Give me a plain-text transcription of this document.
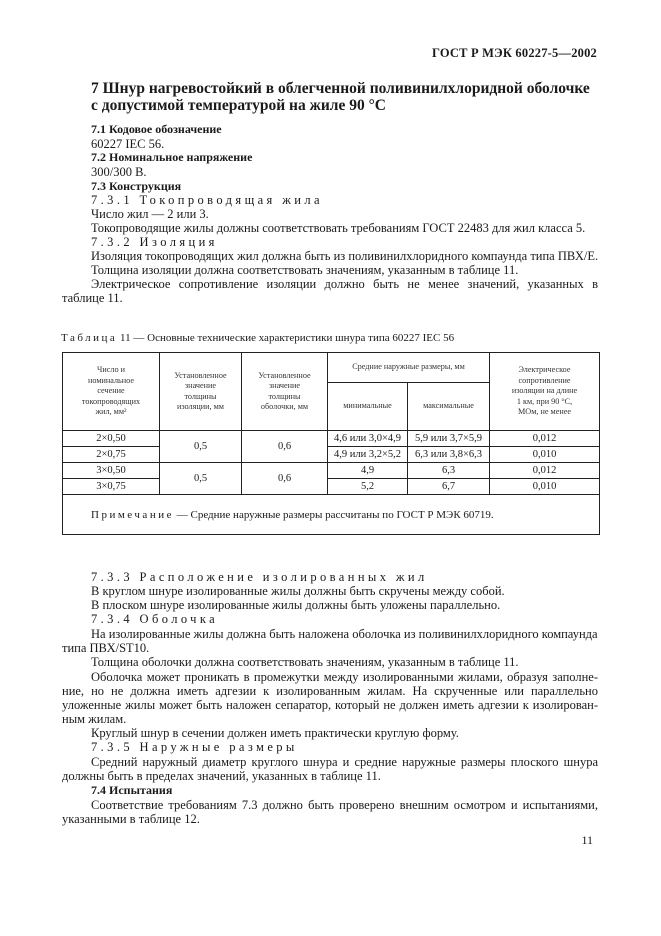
ГОСТ Р МЭК 60227-5—2002
7 Шнур нагревостойкий в облегченной поливинилхлоридной оболочке
с допустимой температурой на жиле 90 °С
7.1 Кодовое обозначение
60227 IEC 56.
7.2 Номинальное напряжение
300/300 В.
7.3 Конструкция
7.3.1 Токопроводящая жила
Число жил — 2 или 3.
Токопроводящие жилы должны соответствовать требованиям ГОСТ 22483 для жил класса 5.
7.3.2 Изоляция
Изоляция токопроводящих жил должна быть из поливинилхлоридного компаунда типа ПВХ/Е.
Толщина изоляции должна соответствовать значениям, указанным в таблице 11.
Электрическое сопротивление изоляции должно быть не менее значений, указанных в
таблице 11.
Таблица 11 — Основные технические характеристики шнура типа 60227 IEC 56
Число и
номинальное
сечение
токопроводящих
жил, мм²	Установленное
значение
толщины
изоляции, мм	Установленное
значение
толщины
оболочки, мм	Средние наружные размеры, мм		Электрическое
сопротивление
изоляции на длине
1 км, при 90 °С,
МОм, не менее
			минимальные	максимальные	
2×0,50	0,5	0,6	4,6 или 3,0×4,9	5,9 или 3,7×5,9	0,012
2×0,75			4,9 или 3,2×5,2	6,3 или 3,8×6,3	0,010
3×0,50	0,5	0,6	4,9	6,3	0,012
3×0,75			5,2	6,7	0,010
Примечание — Средние наружные размеры рассчитаны по ГОСТ Р МЭК 60719.					
7.3.3 Расположение изолированных жил
В круглом шнуре изолированные жилы должны быть скручены между собой.
В плоском шнуре изолированные жилы должны быть уложены параллельно.
7.3.4 Оболочка
На изолированные жилы должна быть наложена оболочка из поливинилхлоридного компаунда
типа ПВХ/ST10.
Толщина оболочки должна соответствовать значениям, указанным в таблице 11.
Оболочка может проникать в промежутки между изолированными жилами, образуя заполне-
ние, но не должна иметь адгезии к изолированным жилам. На скрученные или параллельно
уложенные жилы может быть наложен сепаратор, который не должен иметь адгезии к изолирован-
ным жилам.
Круглый шнур в сечении должен иметь практически круглую форму.
7.3.5 Наружные размеры
Средний наружный диаметр круглого шнура и средние наружные размеры плоского шнура
должны быть в пределах значений, указанных в таблице 11.
7.4 Испытания
Соответствие требованиям 7.3 должно быть проверено внешним осмотром и испытаниями,
указанными в таблице 12.
11
